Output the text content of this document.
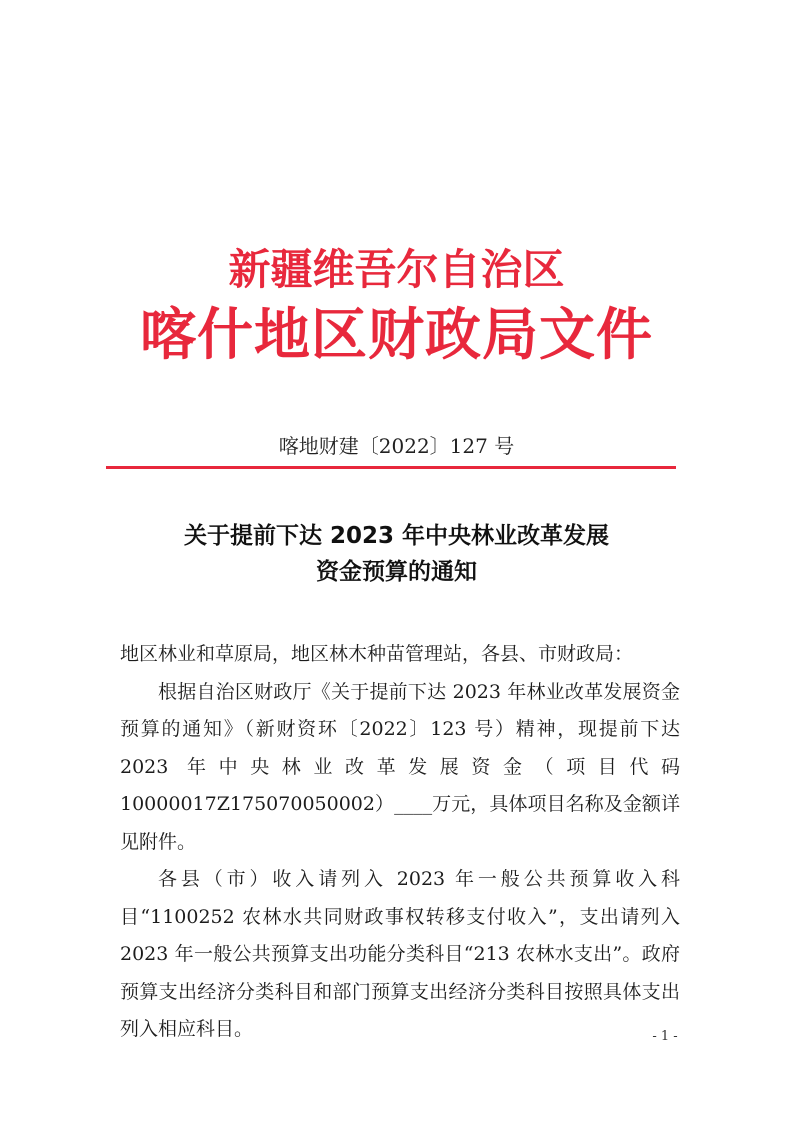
新疆维吾尔自治区
喀什地区财政局文件
喀地财建〔2022〕127 号
关于提前下达 2023 年中央林业改革发展
资金预算的通知

地区林业和草原局，地区林木种苗管理站，各县、市财政局：

根据自治区财政厅《关于提前下达 2023 年林业改革发展资金预算的通知》（新财资环〔2022〕123 号）精神，现提前下达 2023 年中央林业改革发展资金（项目代码10000017Z175070050002）____万元，具体项目名称及金额详见附件。

各县（市）收入请列入 2023 年一般公共预算收入科目“1100252 农林水共同财政事权转移支付收入”，支出请列入2023 年一般公共预算支出功能分类科目“213 农林水支出”。政府预算支出经济分类科目和部门预算支出经济分类科目按照具体支出列入相应科目。	- 1 -
